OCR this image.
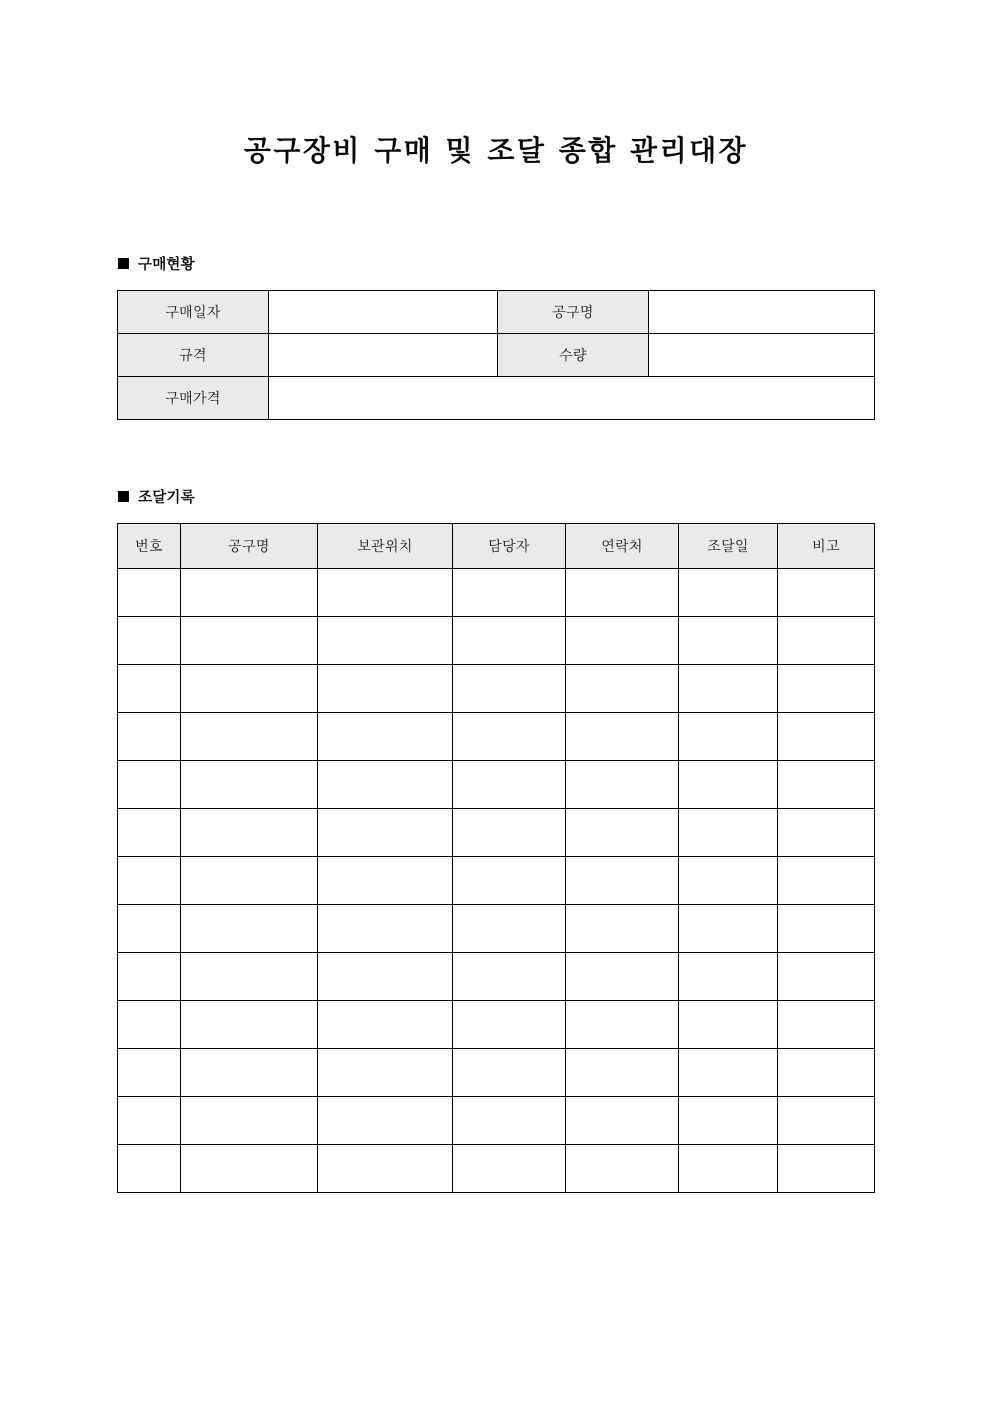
공구장비 구매 및 조달 종합 관리대장
구매현황
구매일자		공구명	
규격		수량	
구매가격			
조달기록
번호	공구명	보관위치	담당자	연락처	조달일	비고
